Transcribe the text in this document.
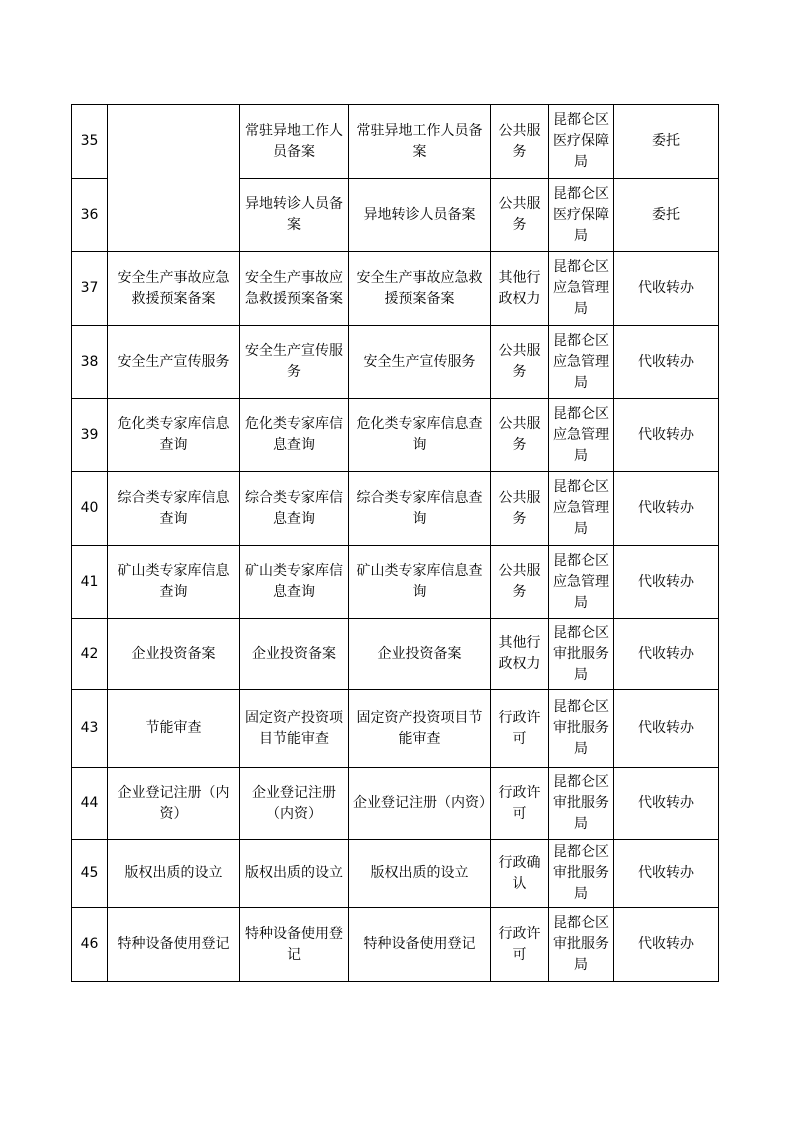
35		常驻异地工作人员备案	常驻异地工作人员备案	公共服务	昆都仑区医疗保障局	委托
36		异地转诊人员备案	异地转诊人员备案	公共服务	昆都仑区医疗保障局	委托
37	安全生产事故应急救援预案备案	安全生产事故应急救援预案备案	安全生产事故应急救援预案备案	其他行政权力	昆都仑区应急管理局	代收转办
38	安全生产宣传服务	安全生产宣传服务	安全生产宣传服务	公共服务	昆都仑区应急管理局	代收转办
39	危化类专家库信息查询	危化类专家库信息查询	危化类专家库信息查询	公共服务	昆都仑区应急管理局	代收转办
40	综合类专家库信息查询	综合类专家库信息查询	综合类专家库信息查询	公共服务	昆都仑区应急管理局	代收转办
41	矿山类专家库信息查询	矿山类专家库信息查询	矿山类专家库信息查询	公共服务	昆都仑区应急管理局	代收转办
42	企业投资备案	企业投资备案	企业投资备案	其他行政权力	昆都仑区审批服务局	代收转办
43	节能审查	固定资产投资项目节能审查	固定资产投资项目节能审查	行政许可	昆都仑区审批服务局	代收转办
44	企业登记注册（内资）	企业登记注册（内资）	企业登记注册（内资）	行政许可	昆都仑区审批服务局	代收转办
45	版权出质的设立	版权出质的设立	版权出质的设立	行政确认	昆都仑区审批服务局	代收转办
46	特种设备使用登记	特种设备使用登记	特种设备使用登记	行政许可	昆都仑区审批服务局	代收转办
